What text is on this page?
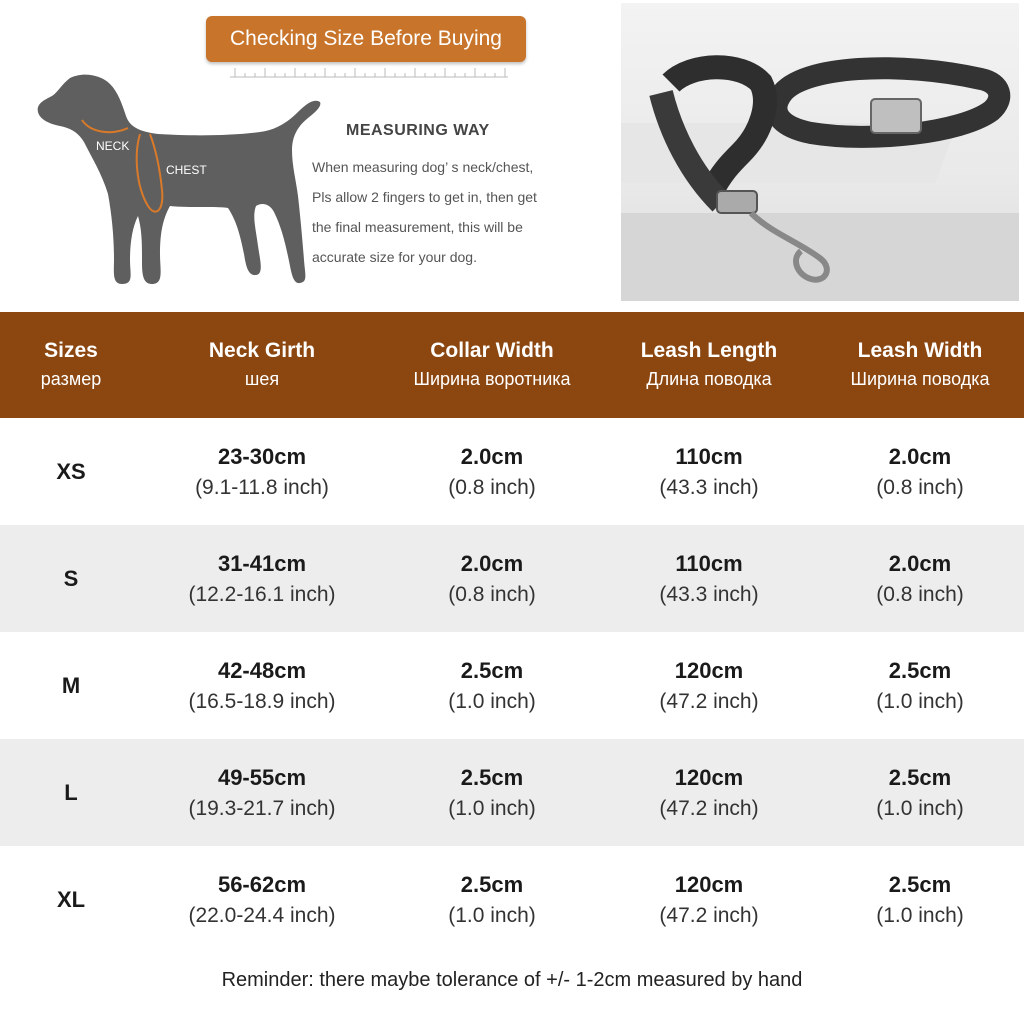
Checking Size Before Buying
NECK
CHEST
MEASURING WAY
When measuring dog’ s neck/chest,
Pls allow 2 fingers to get in, then get
the final measurement, this will be
accurate size for your dog.
Sizes
размер
Neck Girth
шея
Collar Width
Ширина воротника
Leash Length
Длина поводка
Leash Width
Ширина поводка
XS
23-30cm
(9.1-11.8 inch)
2.0cm
(0.8 inch)
110cm
(43.3 inch)
2.0cm
(0.8 inch)
S
31-41cm
(12.2-16.1 inch)
2.0cm
(0.8 inch)
110cm
(43.3 inch)
2.0cm
(0.8 inch)
M
42-48cm
(16.5-18.9 inch)
2.5cm
(1.0 inch)
120cm
(47.2 inch)
2.5cm
(1.0 inch)
L
49-55cm
(19.3-21.7 inch)
2.5cm
(1.0 inch)
120cm
(47.2 inch)
2.5cm
(1.0 inch)
XL
56-62cm
(22.0-24.4 inch)
2.5cm
(1.0 inch)
120cm
(47.2 inch)
2.5cm
(1.0 inch)
Reminder: there maybe tolerance of +/- 1-2cm measured by hand
